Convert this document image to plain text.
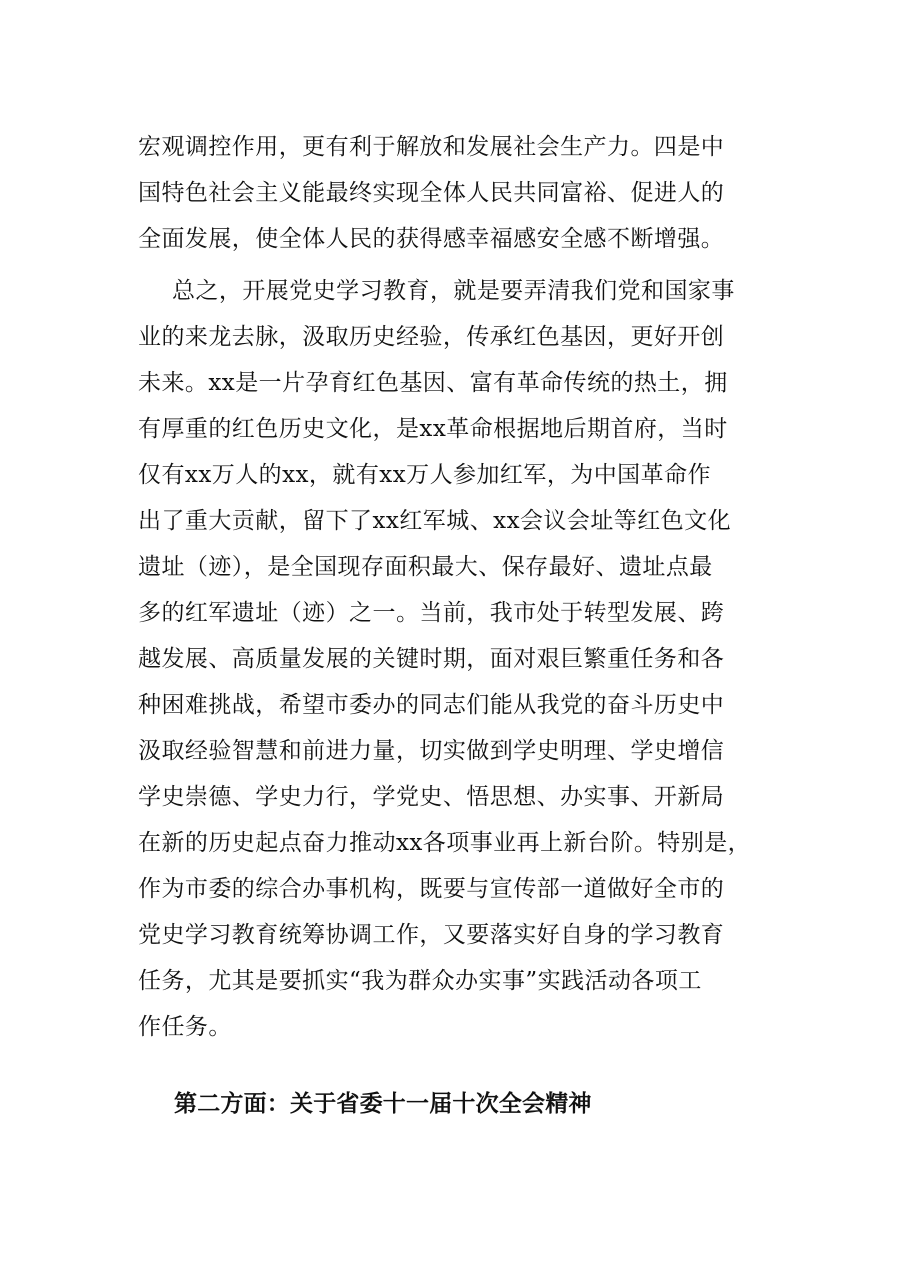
宏观调控作用，更有利于解放和发展社会生产力。四是中
国特色社会主义能最终实现全体人民共同富裕、促进人的
全面发展，使全体人民的获得感幸福感安全感不断增强。
总之，开展党史学习教育，就是要弄清我们党和国家事
业的来龙去脉，汲取历史经验，传承红色基因，更好开创
未来。xx是一片孕育红色基因、富有革命传统的热土，拥
有厚重的红色历史文化，是xx革命根据地后期首府，当时
仅有xx万人的xx，就有xx万人参加红军，为中国革命作
出了重大贡献，留下了xx红军城、xx会议会址等红色文化
遗址（迹），是全国现存面积最大、保存最好、遗址点最
多的红军遗址（迹）之一。当前，我市处于转型发展、跨
越发展、高质量发展的关键时期，面对艰巨繁重任务和各
种困难挑战，希望市委办的同志们能从我党的奋斗历史中
汲取经验智慧和前进力量，切实做到学史明理、学史增信
学史崇德、学史力行，学党史、悟思想、办实事、开新局
在新的历史起点奋力推动xx各项事业再上新台阶。特别是，
作为市委的综合办事机构，既要与宣传部一道做好全市的
党史学习教育统筹协调工作，又要落实好自身的学习教育
任务，尤其是要抓实“我为群众办实事”实践活动各项工
作任务。
第二方面：关于省委十一届十次全会精神
